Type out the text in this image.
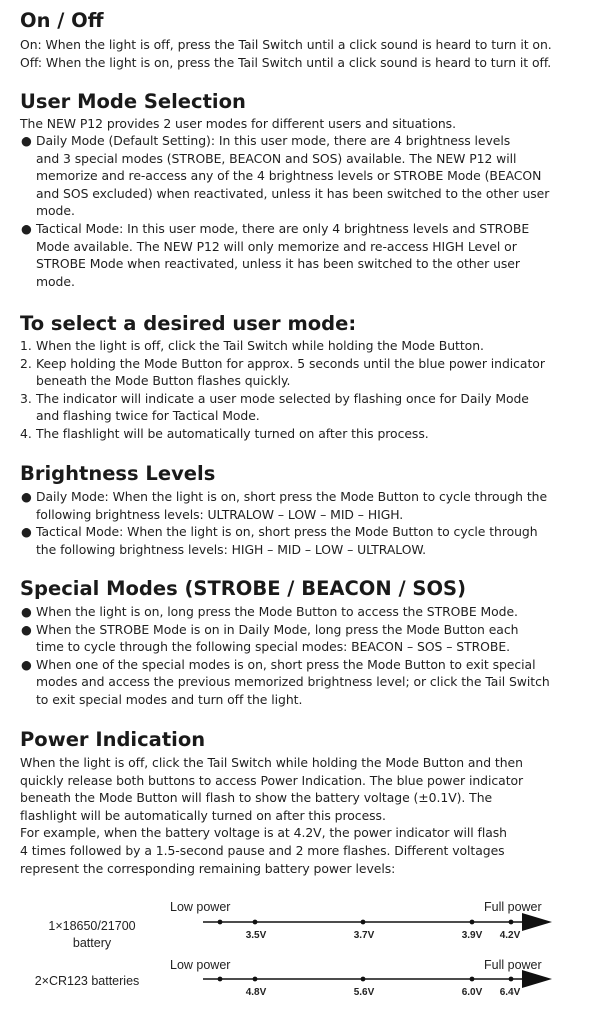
On / Off
On: When the light is off, press the Tail Switch until a click sound is heard to turn it on.
Off: When the light is on, press the Tail Switch until a click sound is heard to turn it off.
User Mode Selection
The NEW P12 provides 2 user modes for different users and situations.
● Daily Mode (Default Setting): In this user mode, there are 4 brightness levels
and 3 special modes (STROBE, BEACON and SOS) available. The NEW P12 will
memorize and re-access any of the 4 brightness levels or STROBE Mode (BEACON
and SOS excluded) when reactivated, unless it has been switched to the other user
mode.
● Tactical Mode: In this user mode, there are only 4 brightness levels and STROBE
Mode available. The NEW P12 will only memorize and re-access HIGH Level or
STROBE Mode when reactivated, unless it has been switched to the other user
mode.
To select a desired user mode:
1. When the light is off, click the Tail Switch while holding the Mode Button.
2. Keep holding the Mode Button for approx. 5 seconds until the blue power indicator
beneath the Mode Button flashes quickly.
3. The indicator will indicate a user mode selected by flashing once for Daily Mode
and flashing twice for Tactical Mode.
4. The flashlight will be automatically turned on after this process.
Brightness Levels
● Daily Mode: When the light is on, short press the Mode Button to cycle through the
following brightness levels: ULTRALOW – LOW – MID – HIGH.
● Tactical Mode: When the light is on, short press the Mode Button to cycle through
the following brightness levels: HIGH – MID – LOW – ULTRALOW.
Special Modes (STROBE / BEACON / SOS)
● When the light is on, long press the Mode Button to access the STROBE Mode.
● When the STROBE Mode is on in Daily Mode, long press the Mode Button each
time to cycle through the following special modes: BEACON – SOS – STROBE.
● When one of the special modes is on, short press the Mode Button to exit special
modes and access the previous memorized brightness level; or click the Tail Switch
to exit special modes and turn off the light.
Power Indication
When the light is off, click the Tail Switch while holding the Mode Button and then
quickly release both buttons to access Power Indication. The blue power indicator
beneath the Mode Button will flash to show the battery voltage (±0.1V). The
flashlight will be automatically turned on after this process.
For example, when the battery voltage is at 4.2V, the power indicator will flash
4 times followed by a 1.5-second pause and 2 more flashes. Different voltages
represent the corresponding remaining battery power levels:
Low power	Full power
1×18650/21700
battery
3.5V	3.7V	3.9V 4.2V
Low power	Full power
2×CR123 batteries
4.8V	5.6V	6.0V 6.4V
